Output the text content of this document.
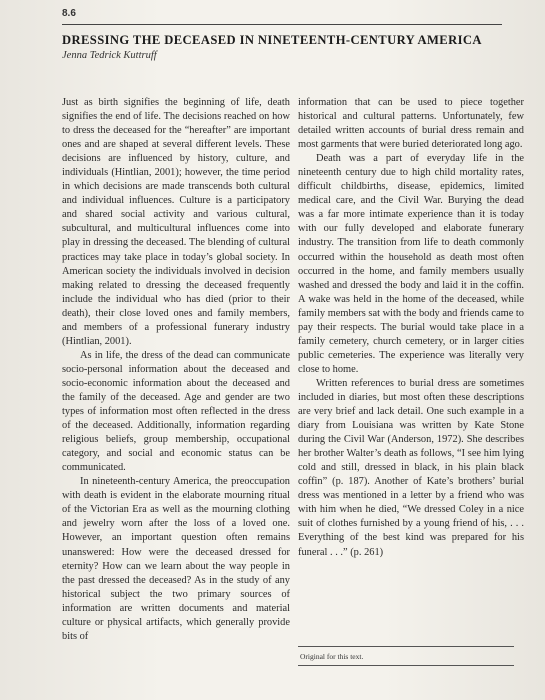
8.6
DRESSING THE DECEASED IN NINETEENTH-CENTURY AMERICA
Jenna Tedrick Kuttruff

Just as birth signifies the beginning of life, death signifies the end of life. The decisions reached on how to dress the deceased for the “hereafter” are important ones and are shaped at several different levels. These decisions are influenced by history, culture, and individuals (Hintlian, 2001); however, the time period in which decisions are made transcends both cultural and individual influences. Culture is a participatory and shared social activity and various cultural, subcultural, and multicultural influences come into play in dressing the deceased. The blending of cultural practices may take place in today’s global society. In American society the individuals involved in decision making related to dressing the deceased frequently include the individual who has died (prior to their death), their close loved ones and family members, and members of a professional funerary industry (Hintlian, 2001).

As in life, the dress of the dead can communicate socio-personal information about the deceased and socio-economic information about the deceased and the family of the deceased. Age and gender are two types of information most often reflected in the dress of the deceased. Additionally, information regarding religious beliefs, group membership, occupational category, and social and economic status can be communicated.

In nineteenth-century America, the preoccupation with death is evident in the elaborate mourning ritual of the Victorian Era as well as the mourning clothing and jewelry worn after the loss of a loved one. However, an important question often remains unanswered: How were the deceased dressed for eternity? How can we learn about the way people in the past dressed the deceased? As in the study of any historical subject the two primary sources of information are written documents and material culture or physical artifacts, which generally provide bits of

information that can be used to piece together historical and cultural patterns. Unfortunately, few detailed written accounts of burial dress remain and most garments that were buried deteriorated long ago.

Death was a part of everyday life in the nineteenth century due to high child mortality rates, difficult childbirths, disease, epidemics, limited medical care, and the Civil War. Burying the dead was a far more intimate experience than it is today with our fully developed and elaborate funerary industry. The transition from life to death commonly occurred within the household as death most often occurred in the home, and family members usually washed and dressed the body and laid it in the coffin. A wake was held in the home of the deceased, while family members sat with the body and friends came to pay their respects. The burial would take place in a family cemetery, church cemetery, or in larger cities public cemeteries. The experience was literally very close to home.

Written references to burial dress are sometimes included in diaries, but most often these descriptions are very brief and lack detail. One such example in a diary from Louisiana was written by Kate Stone during the Civil War (Anderson, 1972). She describes her brother Walter’s death as follows, “I see him lying cold and still, dressed in black, in his plain black coffin” (p. 187). Another of Kate’s brothers’ burial dress was mentioned in a letter by a friend who was with him when he died, “We dressed Coley in a nice suit of clothes furnished by a young friend of his, . . . Everything of the best kind was prepared for his funeral . . .” (p. 261)

Original for this text.
